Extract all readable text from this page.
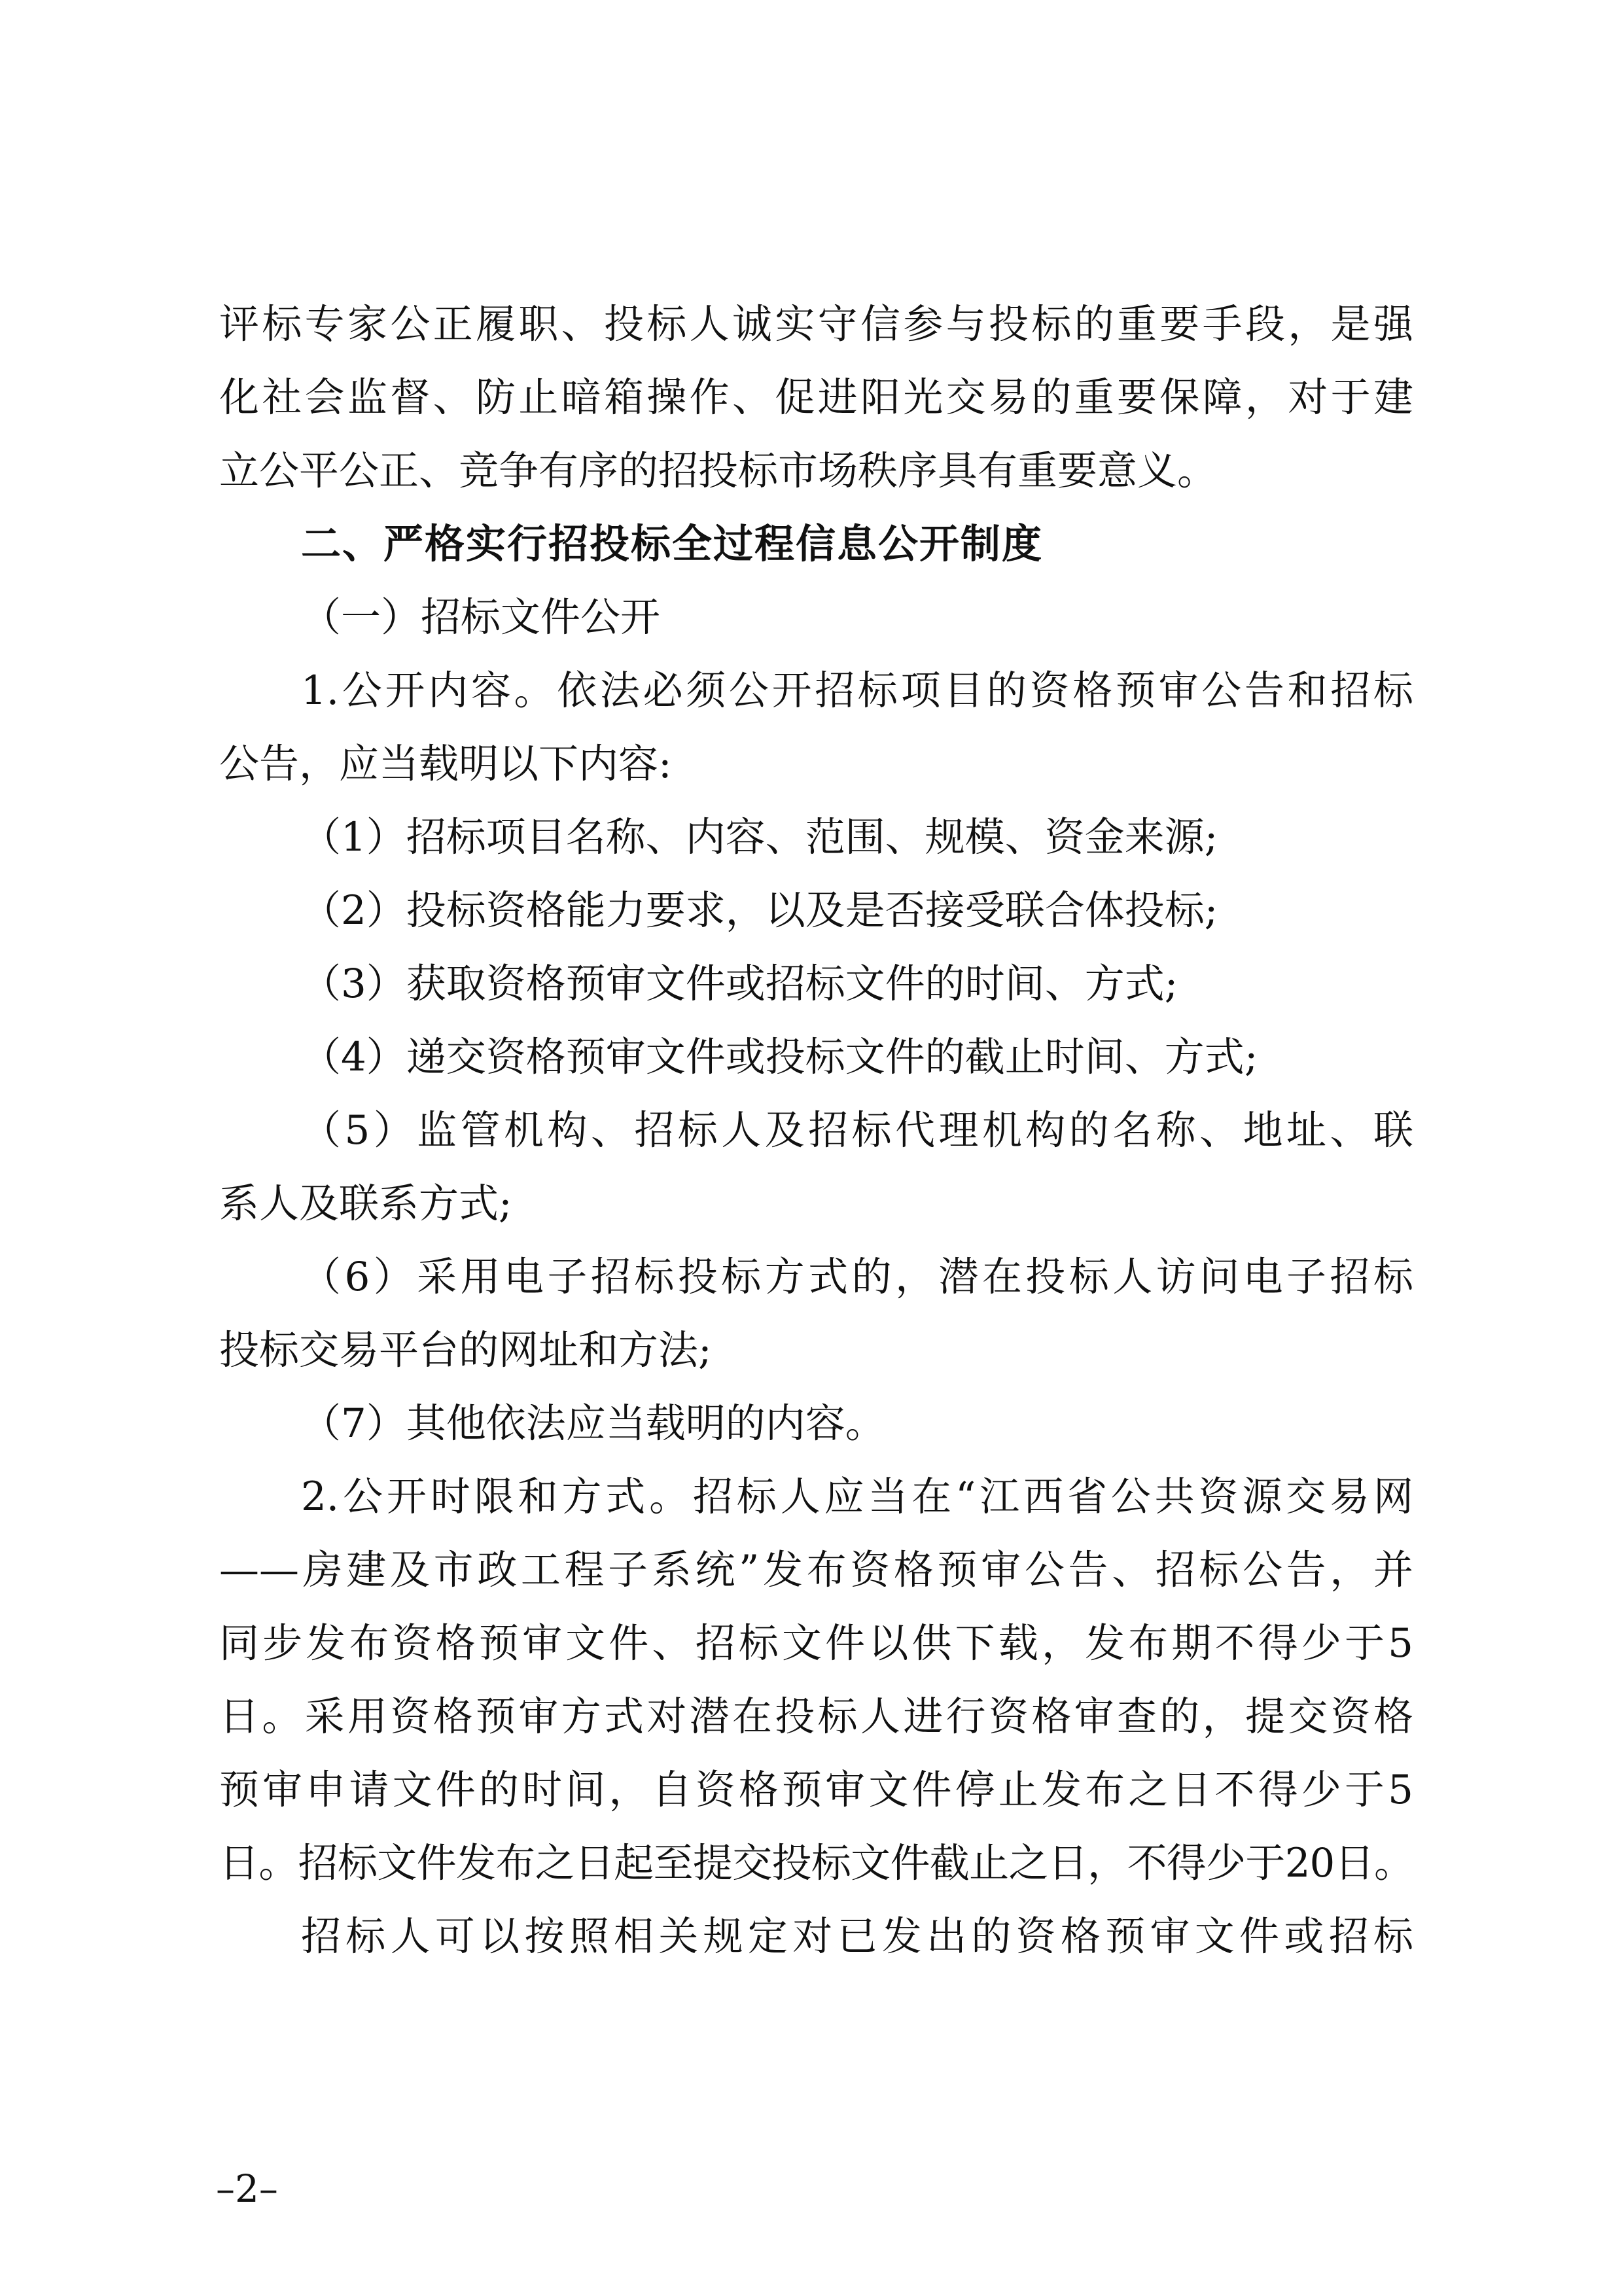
评标专家公正履职、投标人诚实守信参与投标的重要手段，是强
化社会监督、防止暗箱操作、促进阳光交易的重要保障，对于建
立公平公正、竞争有序的招投标市场秩序具有重要意义。
二、严格实行招投标全过程信息公开制度
（一）招标文件公开
1.公开内容。依法必须公开招标项目的资格预审公告和招标
公告，应当载明以下内容:
（1）招标项目名称、内容、范围、规模、资金来源;
（2）投标资格能力要求，以及是否接受联合体投标;
（3）获取资格预审文件或招标文件的时间、方式;
（4）递交资格预审文件或投标文件的截止时间、方式;
（5）监管机构、招标人及招标代理机构的名称、地址、联
系人及联系方式;
（6）采用电子招标投标方式的，潜在投标人访问电子招标
投标交易平台的网址和方法;
（7）其他依法应当载明的内容。
2.公开时限和方式。招标人应当在“江西省公共资源交易网
——房建及市政工程子系统”发布资格预审公告、招标公告，并
同步发布资格预审文件、招标文件以供下载，发布期不得少于5
日。采用资格预审方式对潜在投标人进行资格审查的，提交资格
预审申请文件的时间，自资格预审文件停止发布之日不得少于5
日。招标文件发布之日起至提交投标文件截止之日，不得少于20日。
招标人可以按照相关规定对已发出的资格预审文件或招标
–2–
